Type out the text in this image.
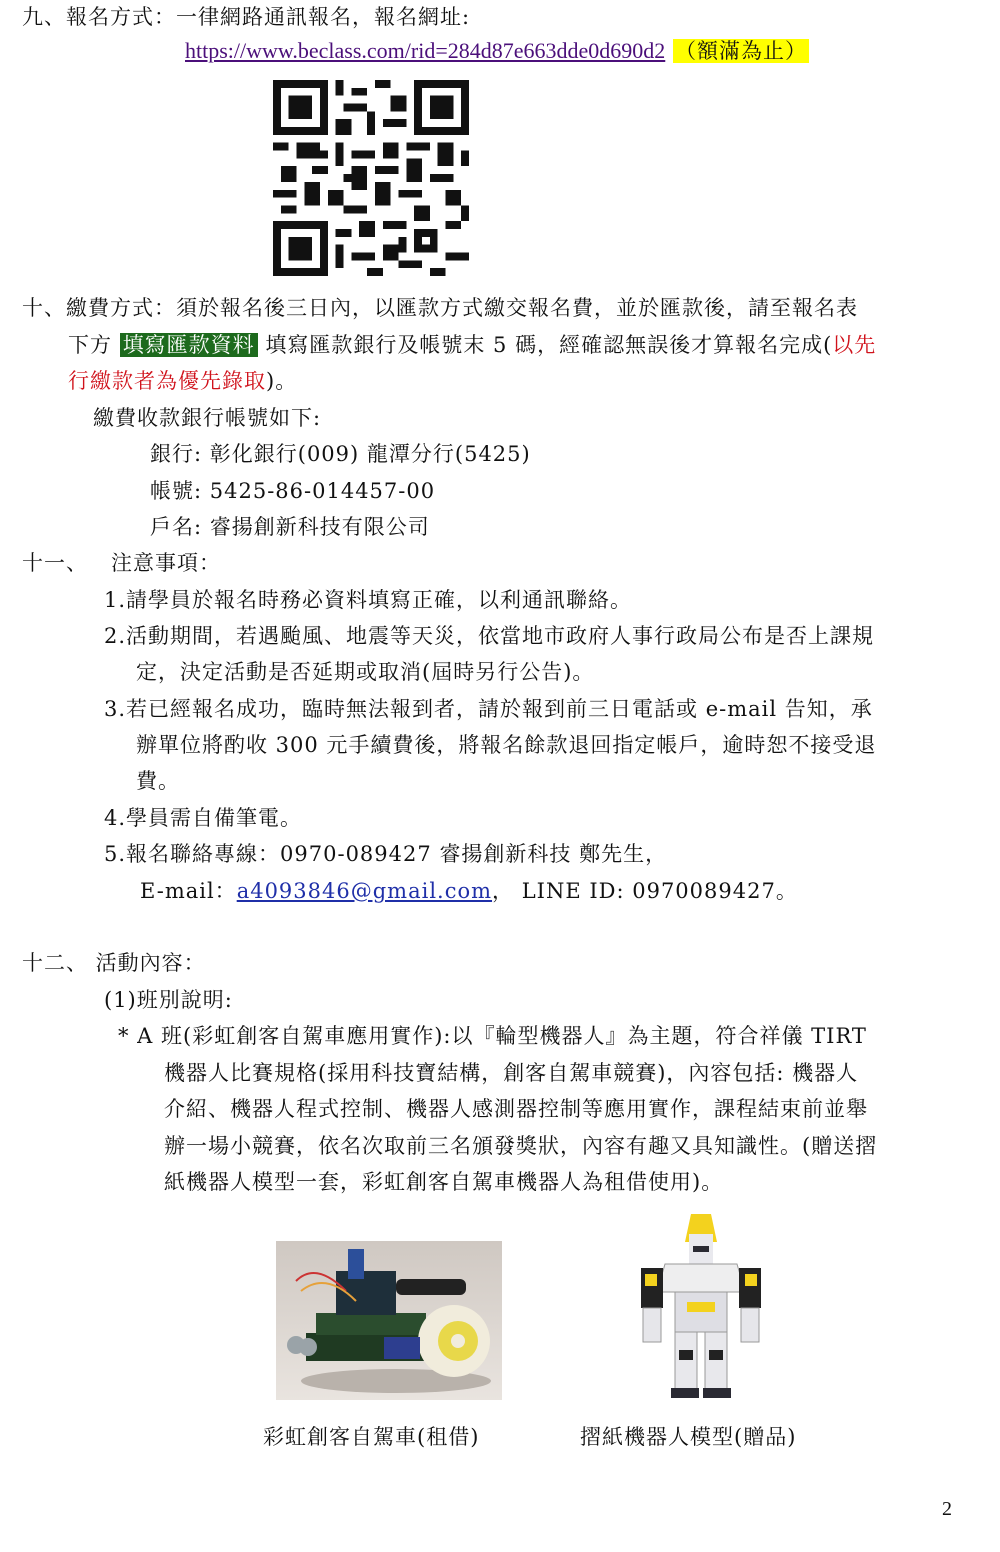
九、報名方式：一律網路通訊報名，報名網址:
https://www.beclass.com/rid=284d87e663dde0d690d2 （額滿為止）
十、繳費方式：須於報名後三日內，以匯款方式繳交報名費，並於匯款後，請至報名表
下方 填寫匯款資料 填寫匯款銀行及帳號末 5 碼，經確認無誤後才算報名完成(以先
行繳款者為優先錄取)。
繳費收款銀行帳號如下:
銀行: 彰化銀行(009) 龍潭分行(5425)
帳號: 5425-86-014457-00
戶名: 睿揚創新科技有限公司
十一、   注意事項：
1.請學員於報名時務必資料填寫正確，以利通訊聯絡。
2.活動期間，若遇颱風、地震等天災，依當地市政府人事行政局公布是否上課規
定，決定活動是否延期或取消(屆時另行公告)。
3.若已經報名成功，臨時無法報到者，請於報到前三日電話或 e-mail 告知，承
辦單位將酌收 300 元手續費後，將報名餘款退回指定帳戶，逾時恕不接受退
費。
4.學員需自備筆電。
5.報名聯絡專線：0970-089427 睿揚創新科技 鄭先生，
E-mail：a4093846@gmail.com， LINE ID: 0970089427。
十二、 活動內容：
(1)班別說明:
* A 班(彩虹創客自駕車應用實作):以『輪型機器人』為主題，符合祥儀 TIRT
機器人比賽規格(採用科技寶結構，創客自駕車競賽)，內容包括: 機器人
介紹、機器人程式控制、機器人感測器控制等應用實作，課程結束前並舉
辦一場小競賽，依名次取前三名頒發獎狀，內容有趣又具知識性。(贈送摺
紙機器人模型一套，彩虹創客自駕車機器人為租借使用)。
彩虹創客自駕車(租借)	摺紙機器人模型(贈品)
2
